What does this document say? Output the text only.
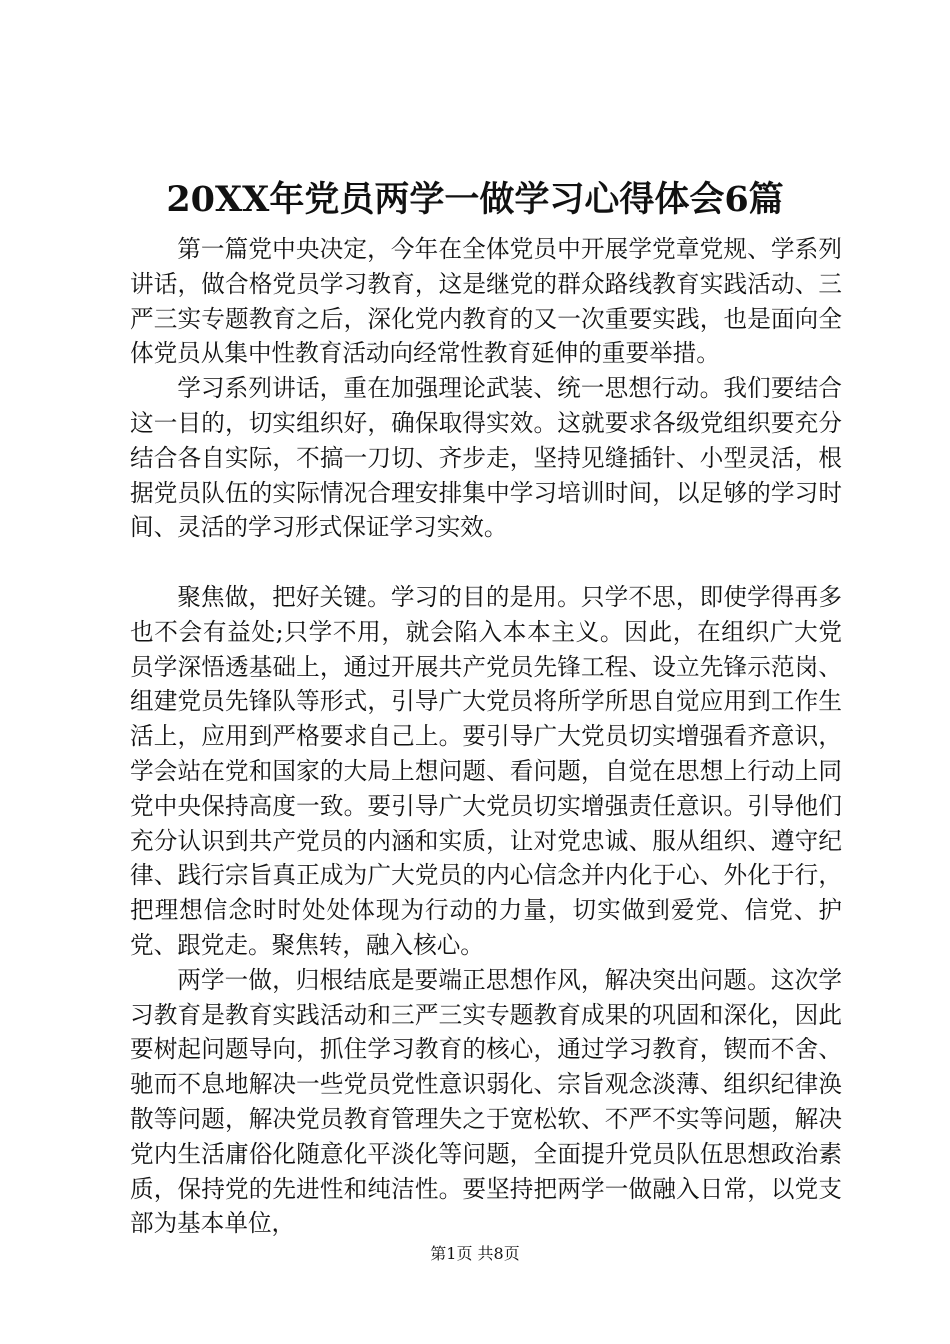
20XX年党员两学一做学习心得体会6篇

第一篇党中央决定，今年在全体党员中开展学党章党规、学系列讲话，做合格党员学习教育，这是继党的群众路线教育实践活动、三严三实专题教育之后，深化党内教育的又一次重要实践，也是面向全体党员从集中性教育活动向经常性教育延伸的重要举措。

学习系列讲话，重在加强理论武装、统一思想行动。我们要结合这一目的，切实组织好，确保取得实效。这就要求各级党组织要充分结合各自实际，不搞一刀切、齐步走，坚持见缝插针、小型灵活，根据党员队伍的实际情况合理安排集中学习培训时间，以足够的学习时间、灵活的学习形式保证学习实效。

聚焦做，把好关键。学习的目的是用。只学不思，即使学得再多也不会有益处;只学不用，就会陷入本本主义。因此，在组织广大党员学深悟透基础上，通过开展共产党员先锋工程、设立先锋示范岗、组建党员先锋队等形式，引导广大党员将所学所思自觉应用到工作生活上，应用到严格要求自己上。要引导广大党员切实增强看齐意识，学会站在党和国家的大局上想问题、看问题，自觉在思想上行动上同党中央保持高度一致。要引导广大党员切实增强责任意识。引导他们充分认识到共产党员的内涵和实质，让对党忠诚、服从组织、遵守纪律、践行宗旨真正成为广大党员的内心信念并内化于心、外化于行，把理想信念时时处处体现为行动的力量，切实做到爱党、信党、护党、跟党走。聚焦转，融入核心。

两学一做，归根结底是要端正思想作风，解决突出问题。这次学习教育是教育实践活动和三严三实专题教育成果的巩固和深化，因此要树起问题导向，抓住学习教育的核心，通过学习教育，锲而不舍、驰而不息地解决一些党员党性意识弱化、宗旨观念淡薄、组织纪律涣散等问题，解决党员教育管理失之于宽松软、不严不实等问题，解决党内生活庸俗化随意化平淡化等问题，全面提升党员队伍思想政治素质，保持党的先进性和纯洁性。要坚持把两学一做融入日常，以党支部为基本单位，

第1页 共8页
